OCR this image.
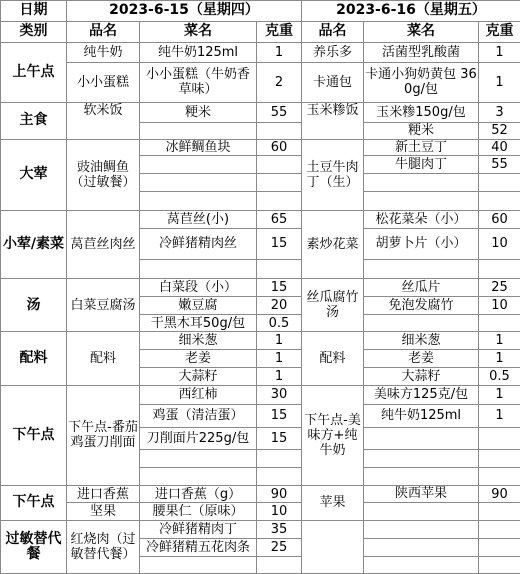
日期	2023-6-15（星期四）			2023-6-16（星期五）		
类别	品名	菜名	克重	品名	菜名	克重
上午点	纯牛奶	纯牛奶125ml	1	养乐多	活菌型乳酸菌	1
	小小蛋糕	小小蛋糕（牛奶香草味）	2	卡通包	卡通小狗奶黄包 360g/包	1
主食	软米饭	粳米	55	玉米糁饭	玉米糁150g/包	3
					粳米	52
大荤	豉油鲷鱼（过敏餐）	冰鲜鲷鱼块	60	土豆牛肉丁（生）	新土豆丁	40
					牛腿肉丁	55

小荤/素菜	莴苣丝肉丝	莴苣丝(小)	65	素炒花菜	松花菜朵（小）	60
		冷鲜猪精肉丝	15		胡萝卜片（小）	10

汤	白菜豆腐汤	白菜段（小）	15	丝瓜腐竹汤	丝瓜片	25
		嫩豆腐	20		免泡发腐竹	10
		干黑木耳50g/包	0.5			
配料	配料	细米葱	1	配料	细米葱	1
		老姜	1		老姜	1
		大蒜籽	1		大蒜籽	0.5
下午点	下午点-番茄鸡蛋刀削面	西红柿	30	下午点-美味方+纯牛奶	美味方125克/包	1
		鸡蛋（清洁蛋）	15		纯牛奶125ml	1
		刀削面片225g/包	15			

下午点	进口香蕉	进口香蕉（g）	90	苹果	陕西苹果	90
	坚果	腰果仁（原味）	10			
过敏替代餐	红烧肉（过敏替代餐）	冷鲜猪精肉丁	35			
		冷鲜猪精五花肉条	25			
